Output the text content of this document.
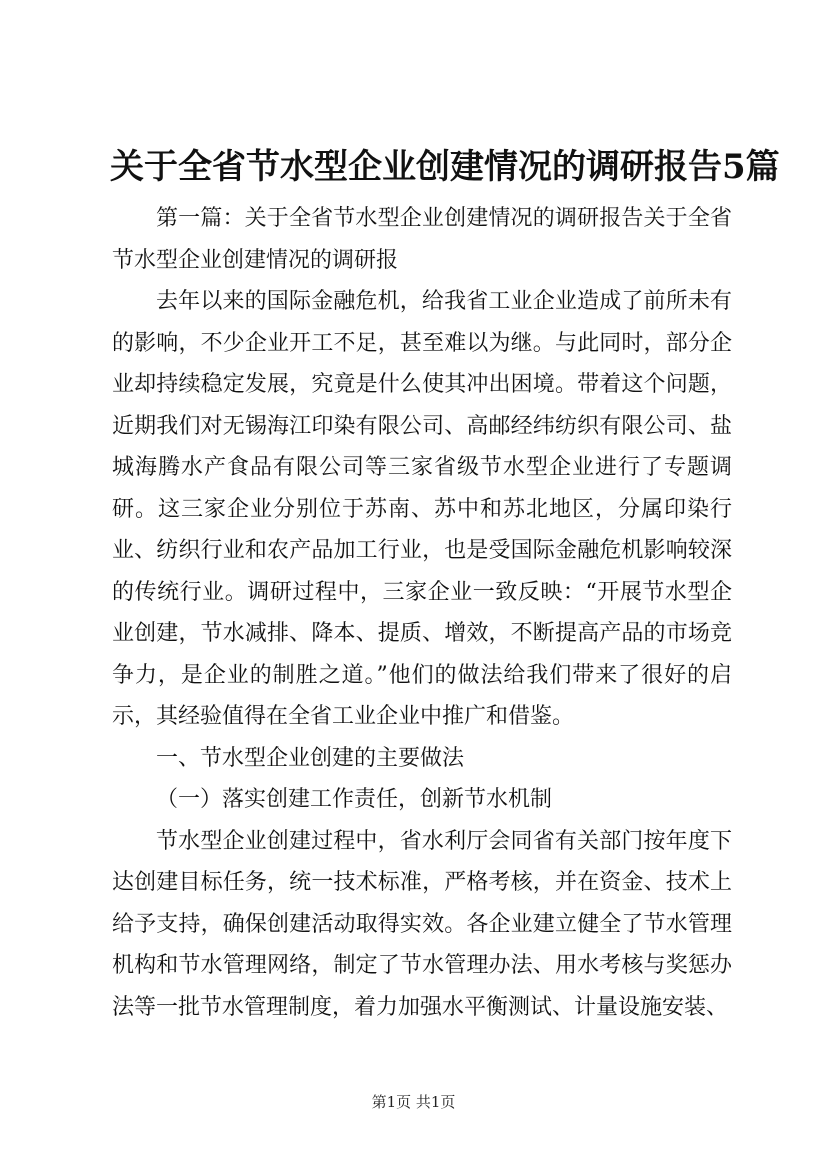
关于全省节水型企业创建情况的调研报告5篇

第一篇：关于全省节水型企业创建情况的调研报告关于全省节水型企业创建情况的调研报

去年以来的国际金融危机，给我省工业企业造成了前所未有的影响，不少企业开工不足，甚至难以为继。与此同时，部分企业却持续稳定发展，究竟是什么使其冲出困境。带着这个问题，近期我们对无锡海江印染有限公司、高邮经纬纺织有限公司、盐城海腾水产食品有限公司等三家省级节水型企业进行了专题调研。这三家企业分别位于苏南、苏中和苏北地区，分属印染行业、纺织行业和农产品加工行业，也是受国际金融危机影响较深的传统行业。调研过程中，三家企业一致反映：“开展节水型企业创建，节水减排、降本、提质、增效，不断提高产品的市场竞争力，是企业的制胜之道。”他们的做法给我们带来了很好的启示，其经验值得在全省工业企业中推广和借鉴。

一、节水型企业创建的主要做法

（一）落实创建工作责任，创新节水机制

节水型企业创建过程中，省水利厅会同省有关部门按年度下达创建目标任务，统一技术标准，严格考核，并在资金、技术上给予支持，确保创建活动取得实效。各企业建立健全了节水管理机构和节水管理网络，制定了节水管理办法、用水考核与奖惩办法等一批节水管理制度，着力加强水平衡测试、计量设施安装、

第1页 共1页
